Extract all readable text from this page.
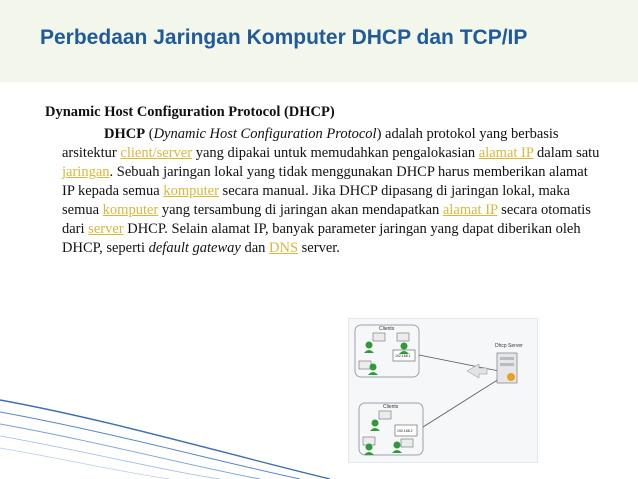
Perbedaan Jaringan Komputer DHCP dan TCP/IP
Dynamic Host Configuration Protocol (DHCP)

DHCP (Dynamic Host Configuration Protocol) adalah protokol yang berbasis arsitektur client/server yang dipakai untuk memudahkan pengalokasian alamat IP dalam satu jaringan. Sebuah jaringan lokal yang tidak menggunakan DHCP harus memberikan alamat IP kepada semua komputer secara manual. Jika DHCP dipasang di jaringan lokal, maka semua komputer yang tersambung di jaringan akan mendapatkan alamat IP secara otomatis dari server DHCP. Selain alamat IP, banyak parameter jaringan yang dapat diberikan oleh DHCP, seperti default gateway dan DNS server.

Clients
Clients
192.168.1
192.168.2
Dhcp Server
